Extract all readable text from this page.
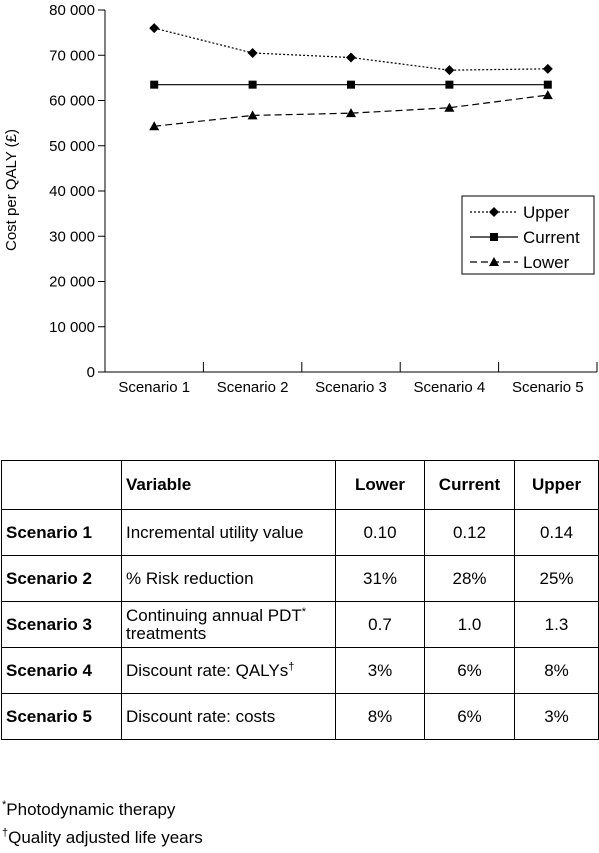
Cost per QALY (£)
0
10 000
20 000
30 000
40 000
50 000
60 000
70 000
80 000
Scenario 1 Scenario 2 Scenario 3 Scenario 4 Scenario 5
Upper
Current
Lower
	Variable	Lower	Current	Upper
Scenario 1	Incremental utility value	0.10	0.12	0.14
Scenario 2	% Risk reduction	31%	28%	25%
Scenario 3	Continuing annual PDT*
treatments	0.7	1.0	1.3
Scenario 4	Discount rate: QALYs†	3%	6%	8%
Scenario 5	Discount rate: costs	8%	6%	3%
*Photodynamic therapy
†Quality adjusted life years
